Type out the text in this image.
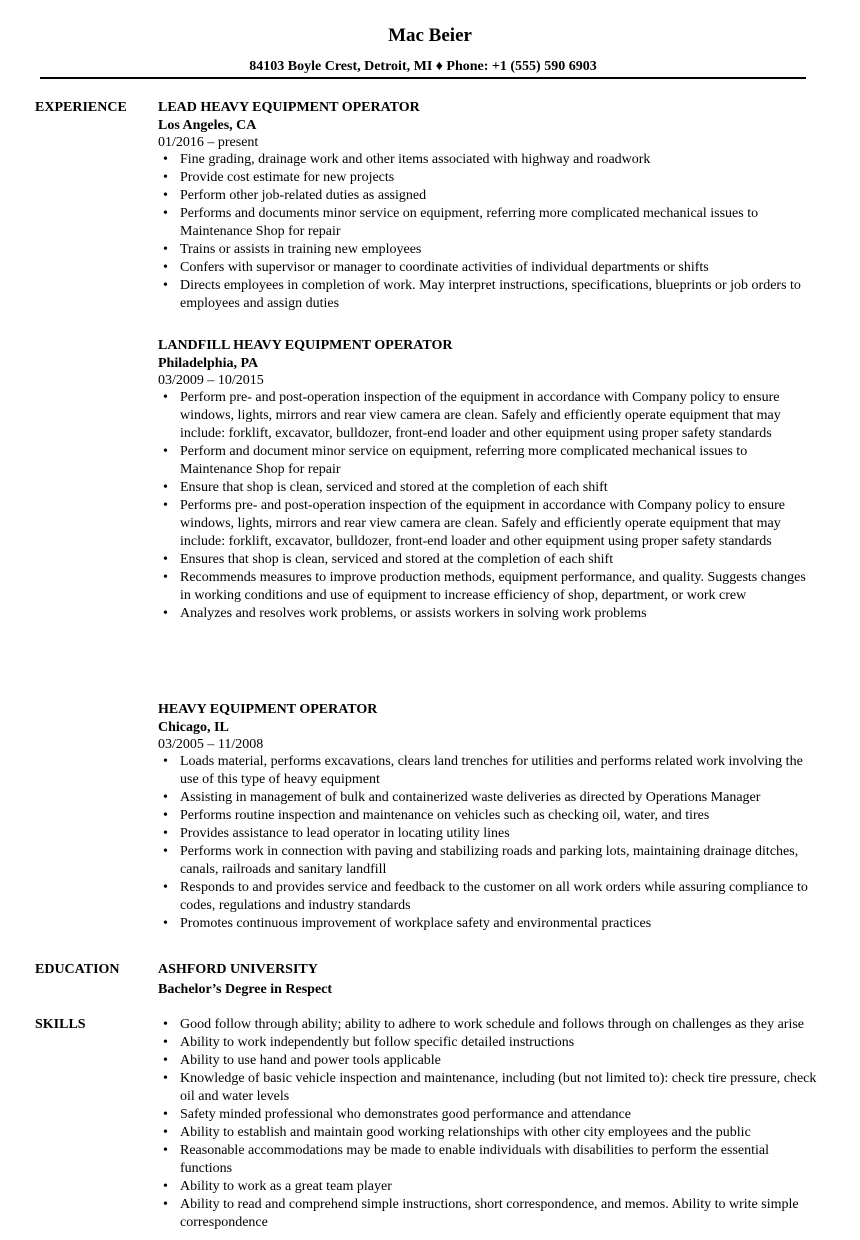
Mac Beier
84103 Boyle Crest, Detroit, MI ♦ Phone: +1 (555) 590 6903
EXPERIENCE LEAD HEAVY EQUIPMENT OPERATOR
Los Angeles, CA
01/2016 – present
• Fine grading, drainage work and other items associated with highway and roadwork
• Provide cost estimate for new projects
• Perform other job-related duties as assigned
• Performs and documents minor service on equipment, referring more complicated mechanical issues to Maintenance Shop for repair
• Trains or assists in training new employees
• Confers with supervisor or manager to coordinate activities of individual departments or shifts
• Directs employees in completion of work. May interpret instructions, specifications, blueprints or job orders to employees and assign duties
LANDFILL HEAVY EQUIPMENT OPERATOR
Philadelphia, PA
03/2009 – 10/2015
• Perform pre- and post-operation inspection of the equipment in accordance with Company policy to ensure windows, lights, mirrors and rear view camera are clean. Safely and efficiently operate equipment that may include: forklift, excavator, bulldozer, front-end loader and other equipment using proper safety standards
• Perform and document minor service on equipment, referring more complicated mechanical issues to Maintenance Shop for repair
• Ensure that shop is clean, serviced and stored at the completion of each shift
• Performs pre- and post-operation inspection of the equipment in accordance with Company policy to ensure windows, lights, mirrors and rear view camera are clean. Safely and efficiently operate equipment that may include: forklift, excavator, bulldozer, front-end loader and other equipment using proper safety standards
• Ensures that shop is clean, serviced and stored at the completion of each shift
• Recommends measures to improve production methods, equipment performance, and quality. Suggests changes in working conditions and use of equipment to increase efficiency of shop, department, or work crew
• Analyzes and resolves work problems, or assists workers in solving work problems
HEAVY EQUIPMENT OPERATOR
Chicago, IL
03/2005 – 11/2008
• Loads material, performs excavations, clears land trenches for utilities and performs related work involving the use of this type of heavy equipment
• Assisting in management of bulk and containerized waste deliveries as directed by Operations Manager
• Performs routine inspection and maintenance on vehicles such as checking oil, water, and tires
• Provides assistance to lead operator in locating utility lines
• Performs work in connection with paving and stabilizing roads and parking lots, maintaining drainage ditches, canals, railroads and sanitary landfill
• Responds to and provides service and feedback to the customer on all work orders while assuring compliance to codes, regulations and industry standards
• Promotes continuous improvement of workplace safety and environmental practices
EDUCATION	ASHFORD UNIVERSITY
Bachelor’s Degree in Respect
SKILLS
•	Good follow through ability; ability to adhere to work schedule and follows through on challenges as they arise
• Ability to work independently but follow specific detailed instructions
• Ability to use hand and power tools applicable
• Knowledge of basic vehicle inspection and maintenance, including (but not limited to): check tire pressure, check oil and water levels
• Safety minded professional who demonstrates good performance and attendance
• Ability to establish and maintain good working relationships with other city employees and the public
• Reasonable accommodations may be made to enable individuals with disabilities to perform the essential functions
• Ability to work as a great team player
• Ability to read and comprehend simple instructions, short correspondence, and memos. Ability to write simple correspondence
